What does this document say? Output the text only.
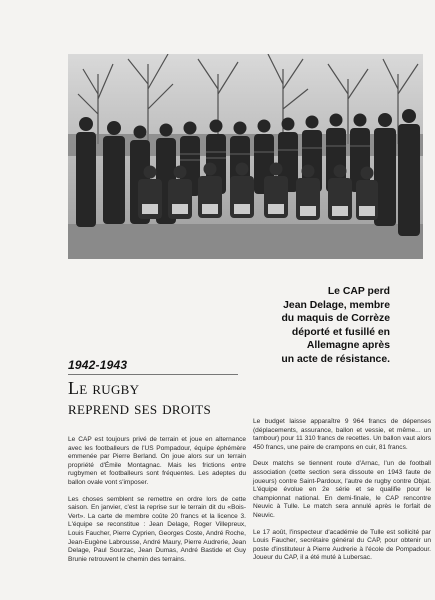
Le CAP perd

Jean Delage, membre

du maquis de Corrèze

déporté et fusillé en

Allemagne après

un acte de résistance.

1942-1943
Le rugby
reprend ses droits

Le CAP est toujours privé de terrain et joue en alternance avec les footballeurs de l'US Pompadour, équipe éphémère emmenée par Pierre Berland. On joue alors sur un terrain propriété d'Émile Montagnac. Mais les frictions entre rugbymen et footballeurs sont fréquentes. Les adeptes du ballon ovale vont s'imposer.

Les choses semblent se remettre en ordre lors de cette saison. En janvier, c'est la reprise sur le terrain dit du «Bois-Vert». La carte de membre coûte 20 francs et la licence 3. L'équipe se reconstitue : Jean Delage, Roger Villepreux, Louis Faucher, Pierre Cyprien, Georges Coste, André Roche, Jean-Eugène Labrousse, André Maury, Pierre Audrerie, Jean Delage, Paul Sourzac, Jean Dumas, André Bastide et Guy Brunie retrouvent le chemin des terrains.

Le budget laisse apparaître 9 964 francs de dépenses (déplacements, assurance, ballon et vessie, et même... un tambour) pour 11 310 francs de recettes. Un ballon vaut alors 450 francs, une paire de crampons en cuir, 81 francs.

Deux matchs se tiennent route d'Arnac, l'un de football association (cette section sera dissoute en 1943 faute de joueurs) contre Saint-Pardoux, l'autre de rugby contre Objat. L'équipe évolue en 2e série et se qualifie pour le championnat national. En demi-finale, le CAP rencontre Neuvic à Tulle. Le match sera annulé après le forfait de Neuvic.

Le 17 août, l'inspecteur d'académie de Tulle est sollicité par Louis Faucher, secrétaire général du CAP, pour obtenir un poste d'instituteur à Pierre Audrerie à l'école de Pompadour. Joueur du CAP, il a été muté à Lubersac.
